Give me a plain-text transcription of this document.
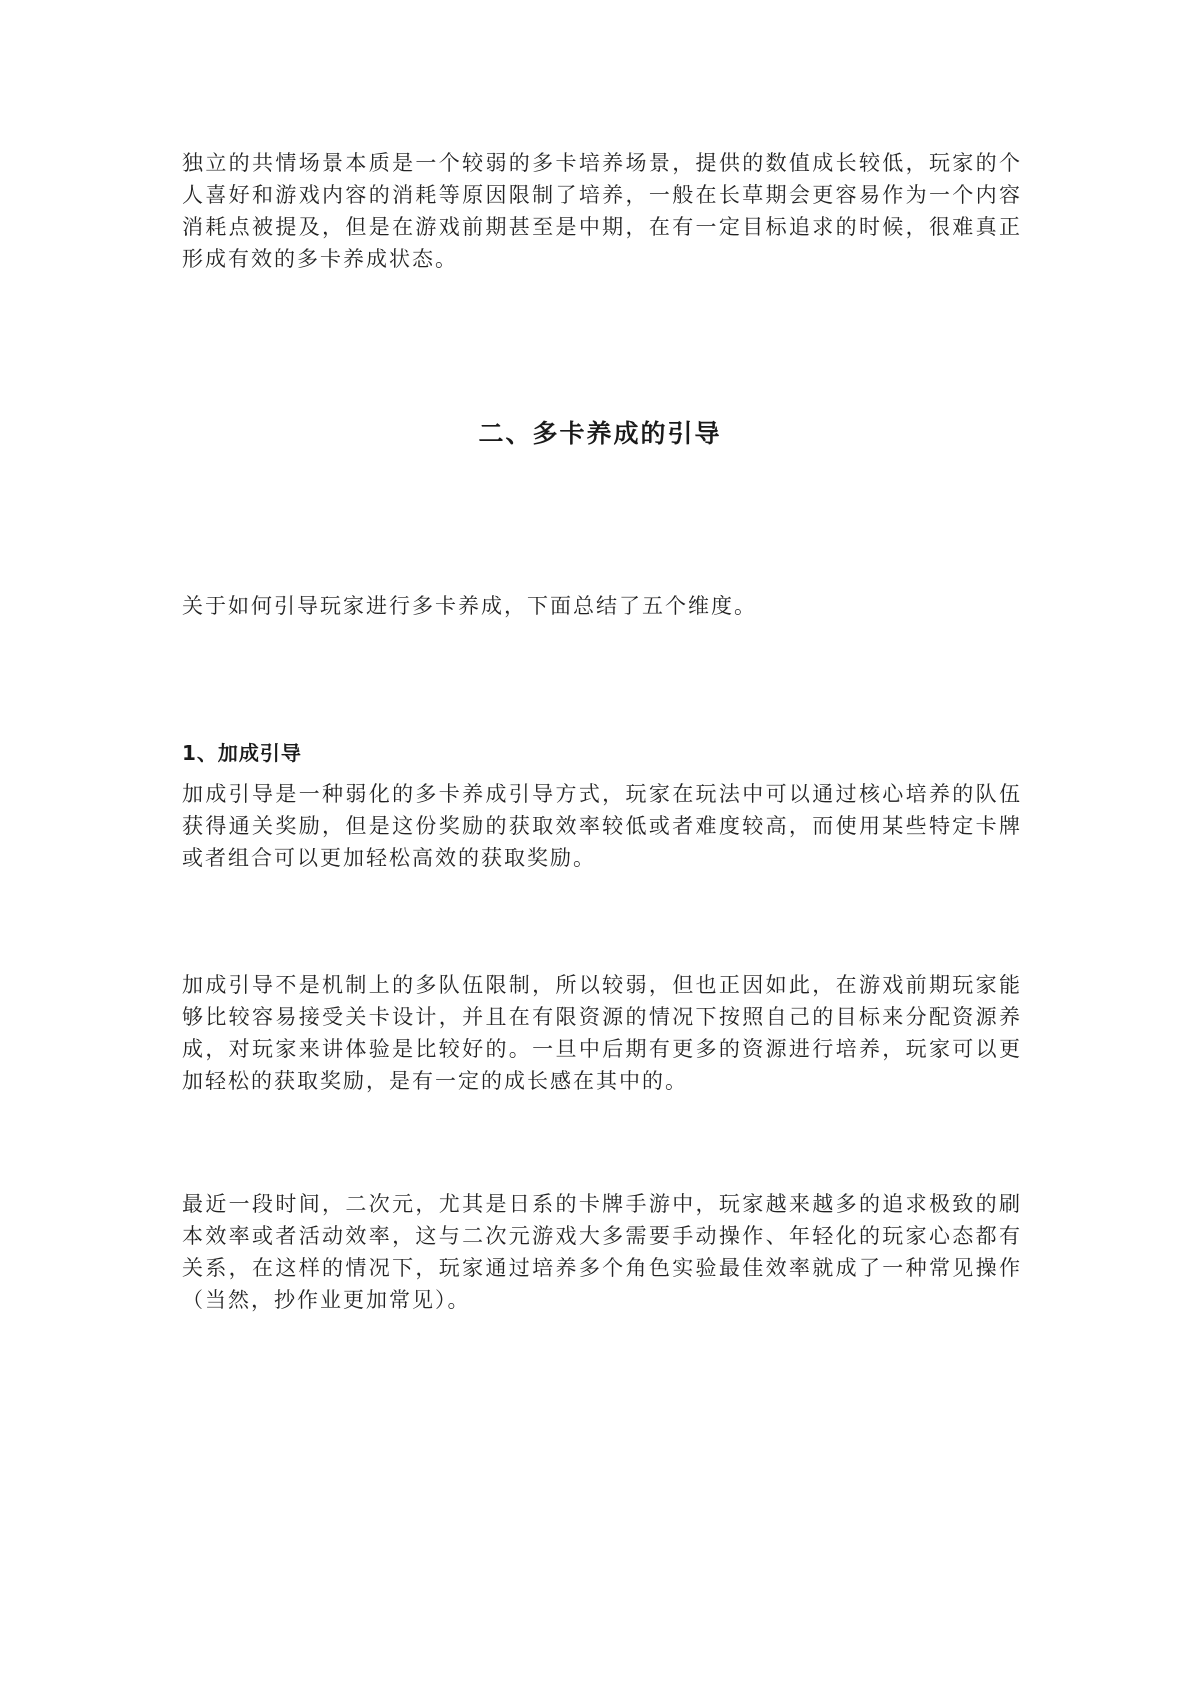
独立的共情场景本质是一个较弱的多卡培养场景，提供的数值成长较低，玩家的个人喜好和游戏内容的消耗等原因限制了培养，一般在长草期会更容易作为一个内容消耗点被提及，但是在游戏前期甚至是中期，在有一定目标追求的时候，很难真正形成有效的多卡养成状态。

二、多卡养成的引导

关于如何引导玩家进行多卡养成，下面总结了五个维度。

1、加成引导

加成引导是一种弱化的多卡养成引导方式，玩家在玩法中可以通过核心培养的队伍获得通关奖励，但是这份奖励的获取效率较低或者难度较高，而使用某些特定卡牌或者组合可以更加轻松高效的获取奖励。

加成引导不是机制上的多队伍限制，所以较弱，但也正因如此，在游戏前期玩家能够比较容易接受关卡设计，并且在有限资源的情况下按照自己的目标来分配资源养成，对玩家来讲体验是比较好的。一旦中后期有更多的资源进行培养，玩家可以更加轻松的获取奖励，是有一定的成长感在其中的。

最近一段时间，二次元，尤其是日系的卡牌手游中，玩家越来越多的追求极致的刷本效率或者活动效率，这与二次元游戏大多需要手动操作、年轻化的玩家心态都有关系，在这样的情况下，玩家通过培养多个角色实验最佳效率就成了一种常见操作（当然，抄作业更加常见）。
